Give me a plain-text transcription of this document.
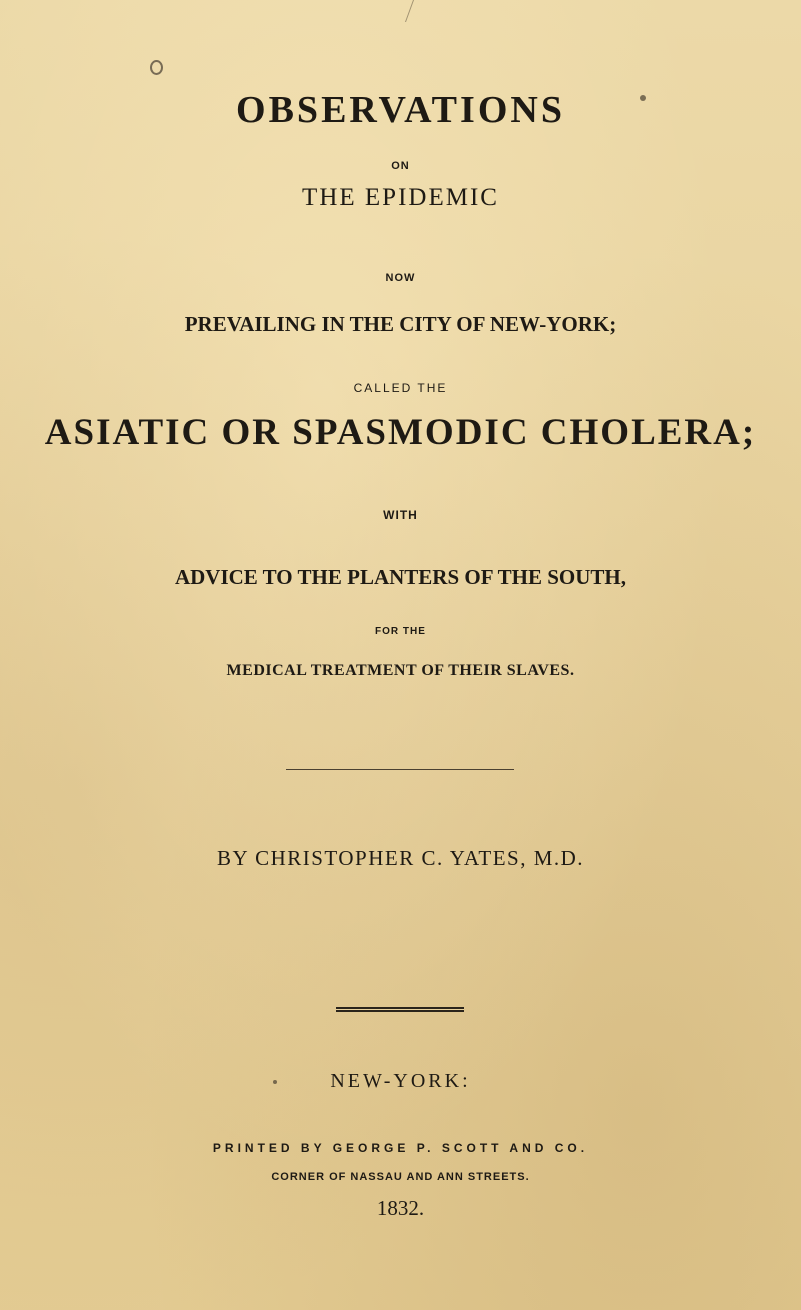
OBSERVATIONS

ON

THE EPIDEMIC

NOW

PREVAILING IN THE CITY OF NEW-YORK;

CALLED THE

ASIATIC OR SPASMODIC CHOLERA;

WITH

ADVICE TO THE PLANTERS OF THE SOUTH,

FOR THE

MEDICAL TREATMENT OF THEIR SLAVES.

BY CHRISTOPHER C. YATES, M.D.

NEW-YORK:

PRINTED BY GEORGE P. SCOTT AND CO.

CORNER OF NASSAU AND ANN STREETS.

1832.
